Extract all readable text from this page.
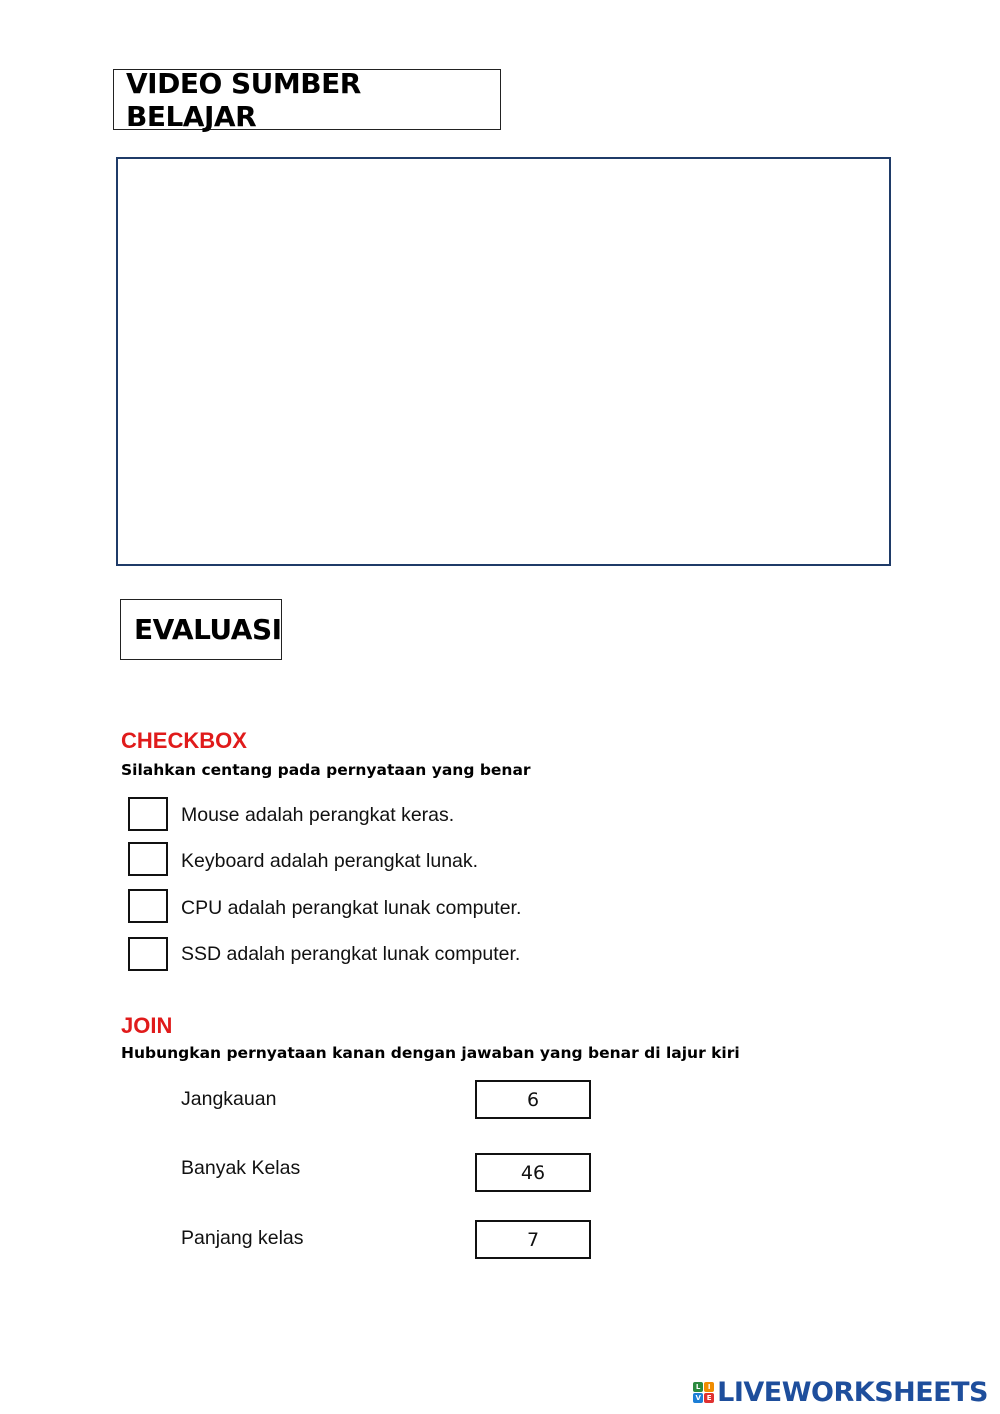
VIDEO SUMBER BELAJAR
EVALUASI
CHECKBOX
Silahkan centang pada pernyataan yang benar
Mouse adalah perangkat keras.
Keyboard adalah perangkat lunak.
CPU adalah perangkat lunak computer.
SSD adalah perangkat lunak computer.
JOIN
Hubungkan pernyataan kanan dengan jawaban yang benar di lajur kiri
Jangkauan	6
Banyak Kelas	46
Panjang kelas	7
L	I
V E LIVEWORKSHEETS
